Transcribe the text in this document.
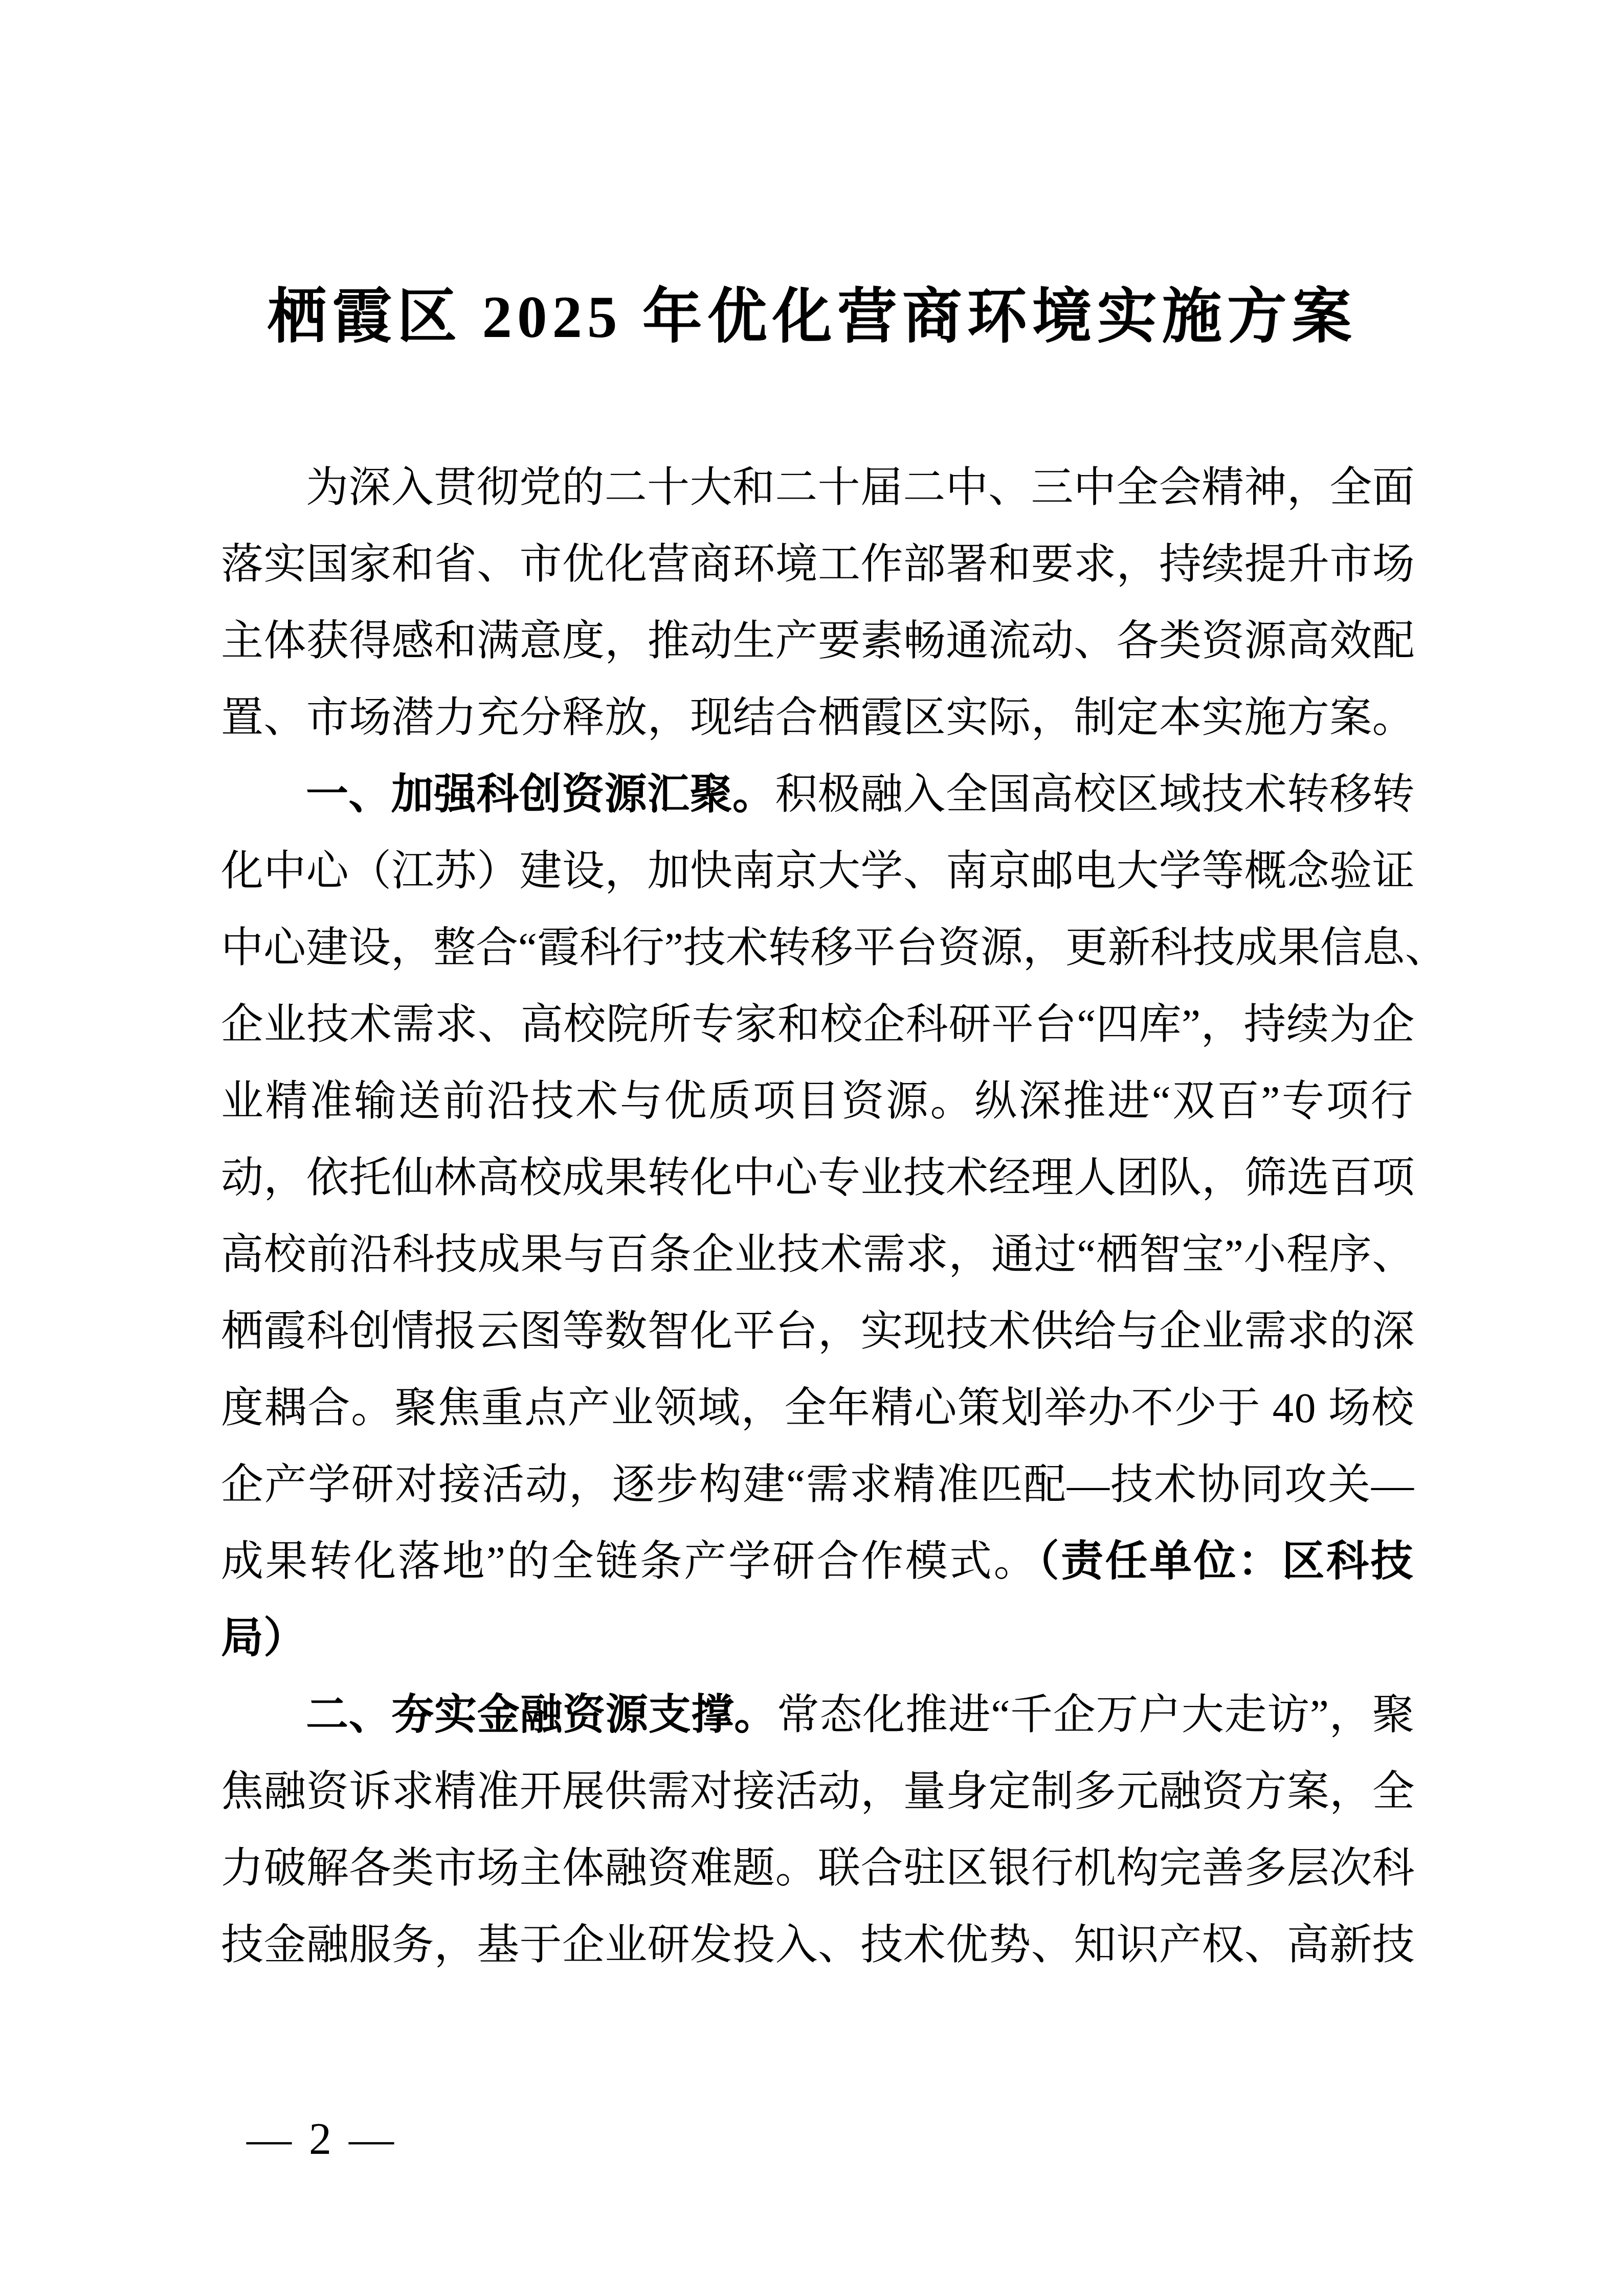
栖霞区 2025 年优化营商环境实施方案
为深入贯彻党的二十大和二十届二中、三中全会精神，全面
落实国家和省、市优化营商环境工作部署和要求，持续提升市场
主体获得感和满意度，推动生产要素畅通流动、各类资源高效配
置、市场潜力充分释放，现结合栖霞区实际，制定本实施方案。
一、加强科创资源汇聚。积极融入全国高校区域技术转移转
化中心（江苏）建设，加快南京大学、南京邮电大学等概念验证
中心建设，整合“霞科行”技术转移平台资源，更新科技成果信息、
企业技术需求、高校院所专家和校企科研平台“四库”，持续为企
业精准输送前沿技术与优质项目资源。纵深推进“双百”专项行
动，依托仙林高校成果转化中心专业技术经理人团队，筛选百项
高校前沿科技成果与百条企业技术需求，通过“栖智宝”小程序、
栖霞科创情报云图等数智化平台，实现技术供给与企业需求的深
度耦合。聚焦重点产业领域，全年精心策划举办不少于 40 场校
企产学研对接活动，逐步构建“需求精准匹配—技术协同攻关—
成果转化落地”的全链条产学研合作模式。（责任单位：区科技
局）
二、夯实金融资源支撑。常态化推进“千企万户大走访”，聚
焦融资诉求精准开展供需对接活动，量身定制多元融资方案，全
力破解各类市场主体融资难题。联合驻区银行机构完善多层次科
技金融服务，基于企业研发投入、技术优势、知识产权、高新技
— 2 —
